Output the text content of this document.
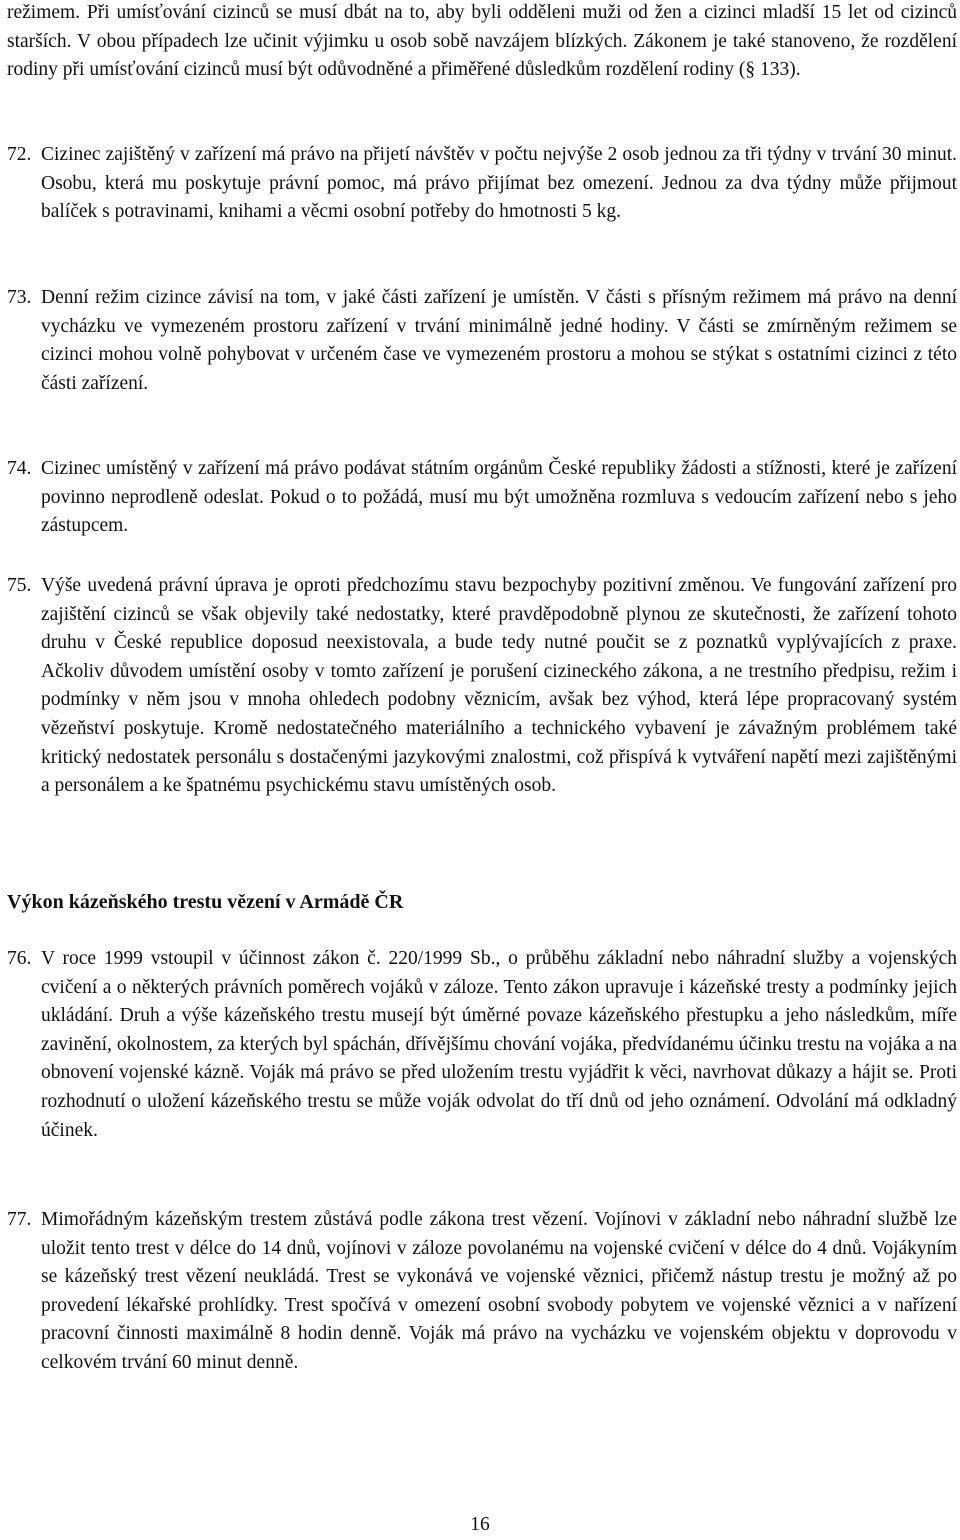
režimem. Při umísťování cizinců se musí dbát na to, aby byli odděleni muži od žen a cizinci mladší 15 let od cizinců starších. V obou případech lze učinit výjimku u osob sobě navzájem blízkých. Zákonem je také stanoveno, že rozdělení rodiny při umísťování cizinců musí být odůvodněné a přiměřené důsledkům rozdělení rodiny (§ 133).

72. Cizinec zajištěný v zařízení má právo na přijetí návštěv v počtu nejvýše 2 osob jednou za tři týdny v trvání 30 minut. Osobu, která mu poskytuje právní pomoc, má právo přijímat bez omezení. Jednou za dva týdny může přijmout balíček s potravinami, knihami a věcmi osobní potřeby do hmotnosti 5 kg.

73. Denní režim cizince závisí na tom, v jaké části zařízení je umístěn. V části s přísným režimem má právo na denní vycházku ve vymezeném prostoru zařízení v trvání minimálně jedné hodiny. V části se zmírněným režimem se cizinci mohou volně pohybovat v určeném čase ve vymezeném prostoru a mohou se stýkat s ostatními cizinci z této části zařízení.

74. Cizinec umístěný v zařízení má právo podávat státním orgánům České republiky žádosti a stížnosti, které je zařízení povinno neprodleně odeslat. Pokud o to požádá, musí mu být umožněna rozmluva s vedoucím zařízení nebo s jeho zástupcem.

75. Výše uvedená právní úprava je oproti předchozímu stavu bezpochyby pozitivní změnou. Ve fungování zařízení pro zajištění cizinců se však objevily také nedostatky, které pravděpodobně plynou ze skutečnosti, že zařízení tohoto druhu v České republice doposud neexistovala, a bude tedy nutné poučit se z poznatků vyplývajících z praxe. Ačkoliv důvodem umístění osoby v tomto zařízení je porušení cizineckého zákona, a ne trestního předpisu, režim i podmínky v něm jsou v mnoha ohledech podobny věznicím, avšak bez výhod, která lépe propracovaný systém vězeňství poskytuje. Kromě nedostatečného materiálního a technického vybavení je závažným problémem také kritický nedostatek personálu s dostačenými jazykovými znalostmi, což přispívá k vytváření napětí mezi zajištěnými a personálem a ke špatnému psychickému stavu umístěných osob.

Výkon kázeňského trestu vězení v Armádě ČR

76. V roce 1999 vstoupil v účinnost zákon č. 220/1999 Sb., o průběhu základní nebo náhradní služby a vojenských cvičení a o některých právních poměrech vojáků v záloze. Tento zákon upravuje i kázeňské tresty a podmínky jejich ukládání. Druh a výše kázeňského trestu musejí být úměrné povaze kázeňského přestupku a jeho následkům, míře zavinění, okolnostem, za kterých byl spáchán, dřívějšímu chování vojáka, předvídanému účinku trestu na vojáka a na obnovení vojenské kázně. Voják má právo se před uložením trestu vyjádřit k věci, navrhovat důkazy a hájit se. Proti rozhodnutí o uložení kázeňského trestu se může voják odvolat do tří dnů od jeho oznámení. Odvolání má odkladný účinek.

77. Mimořádným kázeňským trestem zůstává podle zákona trest vězení. Vojínovi v základní nebo náhradní službě lze uložit tento trest v délce do 14 dnů, vojínovi v záloze povolanému na vojenské cvičení v délce do 4 dnů. Vojákyním se kázeňský trest vězení neukládá. Trest se vykonává ve vojenské věznici, přičemž nástup trestu je možný až po provedení lékařské prohlídky. Trest spočívá v omezení osobní svobody pobytem ve vojenské věznici a v nařízení pracovní činnosti maximálně 8 hodin denně. Voják má právo na vycházku ve vojenském objektu v doprovodu v celkovém trvání 60 minut denně.

16
